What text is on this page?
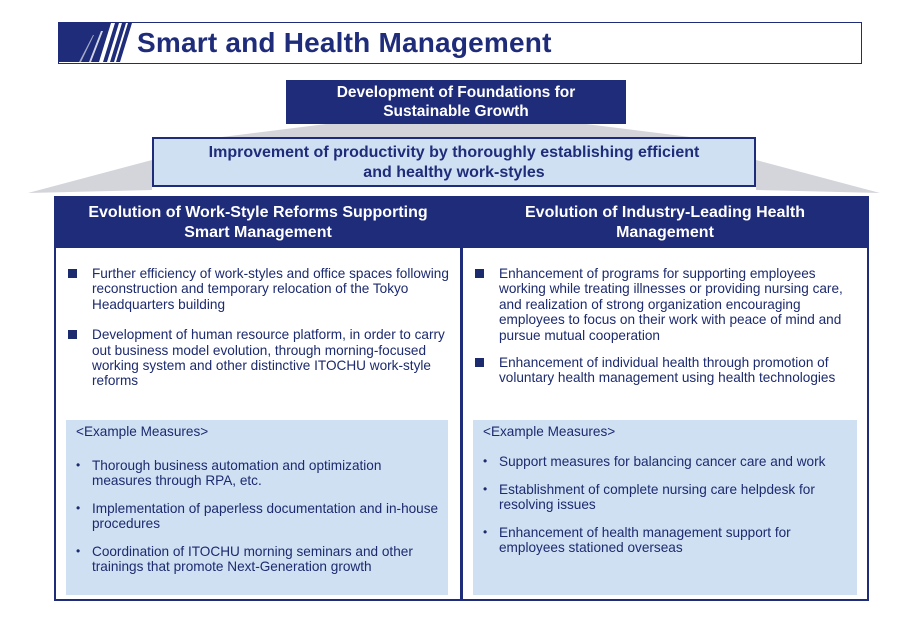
Smart and Health Management
Development of Foundations for
Sustainable Growth
Improvement of productivity by thoroughly establishing efficient
and healthy work-styles
Evolution of Work-Style Reforms Supporting
Smart Management
Further efficiency of work-styles and office spaces following reconstruction and temporary relocation of the Tokyo Headquarters building
Development of human resource platform, in order to carry out business model evolution, through morning-focused working system and other distinctive ITOCHU work-style reforms
<Example Measures>
• Thorough business automation and optimization measures through RPA, etc.
• Implementation of paperless documentation and in-house procedures
• Coordination of ITOCHU morning seminars and other trainings that promote Next-Generation growth
Evolution of Industry-Leading Health
Management
Enhancement of programs for supporting employees working while treating illnesses or providing nursing care, and realization of strong organization encouraging employees to focus on their work with peace of mind and pursue mutual cooperation
Enhancement of individual health through promotion of voluntary health management using health technologies
<Example Measures>
• Support measures for balancing cancer care and work
• Establishment of complete nursing care helpdesk for resolving issues
• Enhancement of health management support for employees stationed overseas
